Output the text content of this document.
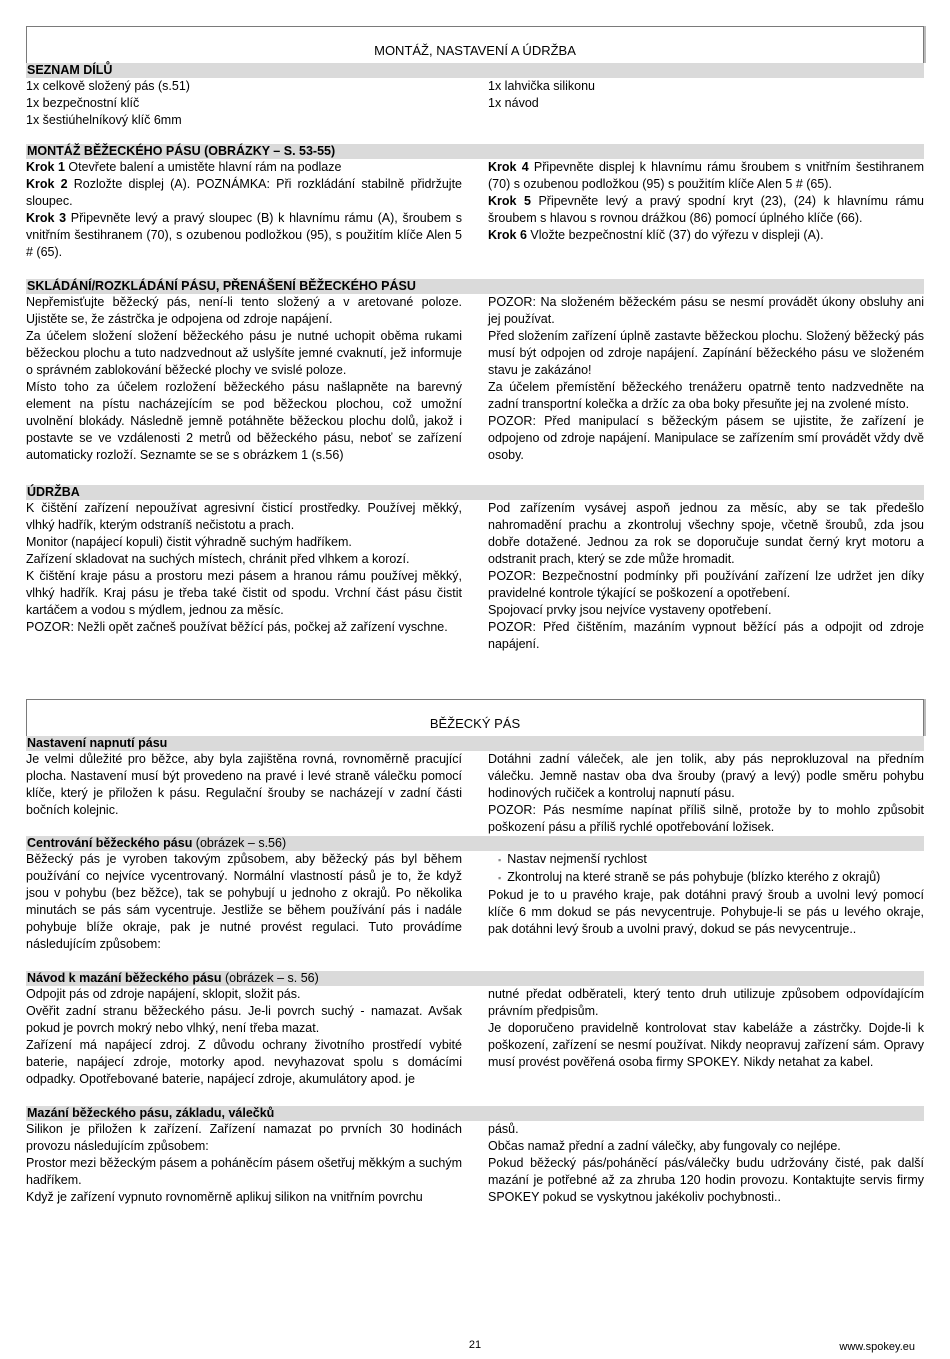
MONTÁŽ, NASTAVENÍ A ÚDRŽBA
SEZNAM DÍLŮ

1x celkově složený pás (s.51)

1x bezpečnostní klíč

1x šestiúhelníkový klíč 6mm

1x lahvička silikonu

1x návod

MONTÁŽ BĚŽECKÉHO PÁSU (OBRÁZKY – S. 53-55)

Krok 1 Otevřete balení a umistěte hlavní rám na podlaze

Krok 2 Rozložte displej (A). POZNÁMKA: Při rozkládání stabilně přidržujte sloupec.

Krok 3 Připevněte levý a pravý sloupec (B) k hlavnímu rámu (A), šroubem s vnitřním šestihranem (70), s ozubenou podložkou (95), s použitím klíče Alen 5 # (65).

Krok 4 Připevněte displej k hlavnímu rámu šroubem s vnitřním šestihranem (70) s ozubenou podložkou (95) s použitím klíče Alen 5 # (65).

Krok 5 Připevněte levý a pravý spodní kryt (23), (24) k hlavnímu rámu šroubem s hlavou s rovnou drážkou (86) pomocí úplného klíče (66).

Krok 6 Vložte bezpečnostní klíč (37) do výřezu v displeji (A).

SKLÁDÁNÍ/ROZKLÁDÁNÍ PÁSU, PŘENÁŠENÍ BĚŽECKÉHO PÁSU

Nepřemisťujte běžecký pás, není-li tento složený a v aretované poloze. Ujistěte se, že zástrčka je odpojena od zdroje napájení.

Za účelem složení složení běžeckého pásu je nutné uchopit oběma rukami běžeckou plochu a tuto nadzvednout až uslyšíte jemné cvaknutí, jež informuje o správném zablokování běžecké plochy ve svislé poloze.

Místo toho za účelem rozložení běžeckého pásu našlapněte na barevný element na pístu nacházejícím se pod běžeckou plochou, což umožní uvolnění blokády. Následně jemně potáhněte běžeckou plochu dolů, jakož i postavte se ve vzdálenosti 2 metrů od běžeckého pásu, neboť se zařízení automaticky rozloží. Seznamte se se s obrázkem 1 (s.56)

POZOR: Na složeném běžeckém pásu se nesmí provádět úkony obsluhy ani jej používat.

Před složením zařízení úplně zastavte běžeckou plochu. Složený běžecký pás musí být odpojen od zdroje napájení. Zapínání běžeckého pásu ve složeném stavu je zakázáno!

Za účelem přemístění běžeckého trenážeru opatrně tento nadzvedněte na zadní transportní kolečka a držíc za oba boky přesuňte jej na zvolené místo.

POZOR: Před manipulací s běžeckým pásem se ujistite, že zařízení je odpojeno od zdroje napájení. Manipulace se zařízením smí provádět vždy dvě osoby.

ÚDRŽBA

K čištění zařízení nepoužívat agresivní čisticí prostředky. Používej měkký, vlhký hadřík, kterým odstraníš nečistotu a prach.

Monitor (napájecí kopuli) čistit výhradně suchým hadříkem.

Zařízení skladovat na suchých místech, chránit před vlhkem a korozí.

K čištění kraje pásu a prostoru mezi pásem a hranou rámu používej měkký, vlhký hadřík. Kraj pásu je třeba také čistit od spodu. Vrchní část pásu čistit kartáčem a vodou s mýdlem, jednou za měsíc.

POZOR: Nežli opět začneš používat běžící pás, počkej až zařízení vyschne.

Pod zařízením vysávej aspoň jednou za měsíc, aby se tak předešlo nahromadění prachu a zkontroluj všechny spoje, včetně šroubů, zda jsou dobře dotažené. Jednou za rok se doporučuje sundat černý kryt motoru a odstranit prach, který se zde může hromadit.

POZOR: Bezpečnostní podmínky při používání zařízení lze udržet jen díky pravidelné kontrole týkající se poškození a opotřebení.

Spojovací prvky jsou nejvíce vystaveny opotřebení.

POZOR: Před čištěním, mazáním vypnout běžící pás a odpojit od zdroje napájení.

BĚŽECKÝ PÁS
Nastavení napnutí pásu

Je velmi důležité pro běžce, aby byla zajištěna rovná, rovnoměrně pracující plocha. Nastavení musí být provedeno na pravé i levé straně válečku pomocí klíče, který je přiložen k pásu. Regulační šrouby se nacházejí v zadní části bočních kolejnic.

Dotáhni zadní váleček, ale jen tolik, aby pás neprokluzoval na předním válečku. Jemně nastav oba dva šrouby (pravý a levý) podle směru pohybu hodinových ručiček a kontroluj napnutí pásu.

POZOR: Pás nesmíme napínat příliš silně, protože by to mohlo způsobit poškození pásu a příliš rychlé opotřebování ložisek.

Centrování běžeckého pásu (obrázek – s.56)

Běžecký pás je vyroben takovým způsobem, aby běžecký pás byl během používání co nejvíce vycentrovaný. Normální vlastností pásů je to, že když jsou v pohybu (bez běžce), tak se pohybují u jednoho z okrajů. Po několika minutách se pás sám vycentruje. Jestliže se během používání pás i nadále pohybuje blíže okraje, pak je nutné provést regulaci. Tuto provádíme následujícím způsobem:

▪ Nastav nejmenší rychlost
▪ Zkontroluj na které straně se pás pohybuje (blízko kterého z okrajů)

Pokud je to u pravého kraje, pak dotáhni pravý šroub a uvolni levý pomocí klíče 6 mm dokud se pás nevycentruje. Pohybuje-li se pás u levého okraje, pak dotáhni levý šroub a uvolni pravý, dokud se pás nevycentruje..

Návod k mazání běžeckého pásu (obrázek – s. 56)

Odpojit pás od zdroje napájení, sklopit, složit pás.

Ověřit zadní stranu běžeckého pásu. Je-li povrch suchý - namazat. Avšak pokud je povrch mokrý nebo vlhký, není třeba mazat.

Zařízení má napájecí zdroj. Z důvodu ochrany životního prostředí vybité baterie, napájecí zdroje, motorky apod. nevyhazovat spolu s domácími odpadky. Opotřebované baterie, napájecí zdroje, akumulátory apod. je

nutné předat odběrateli, který tento druh utilizuje způsobem odpovídajícím právním předpisům.

Je doporučeno pravidelně kontrolovat stav kabeláže a zástrčky. Dojde-li k poškození, zařízení se nesmí používat. Nikdy neopravuj zařízení sám. Opravy musí provést pověřená osoba firmy SPOKEY. Nikdy netahat za kabel.

Mazání běžeckého pásu, základu, válečků

Silikon je přiložen k zařízení. Zařízení namazat po prvních 30 hodinách provozu následujícím způsobem:

Prostor mezi běžeckým pásem a poháněcím pásem ošetřuj měkkým a suchým hadříkem.

Když je zařízení vypnuto rovnoměrně aplikuj silikon na vnitřním povrchu

pásů.

Občas namaž přední a zadní válečky, aby fungovaly co nejlépe.

Pokud běžecký pás/poháněcí pás/válečky budu udržovány čisté, pak další mazání je potřebné až za zhruba 120 hodin provozu. Kontaktujte servis firmy SPOKEY pokud se vyskytnou jakékoliv pochybnosti..

21	www.spokey.eu
